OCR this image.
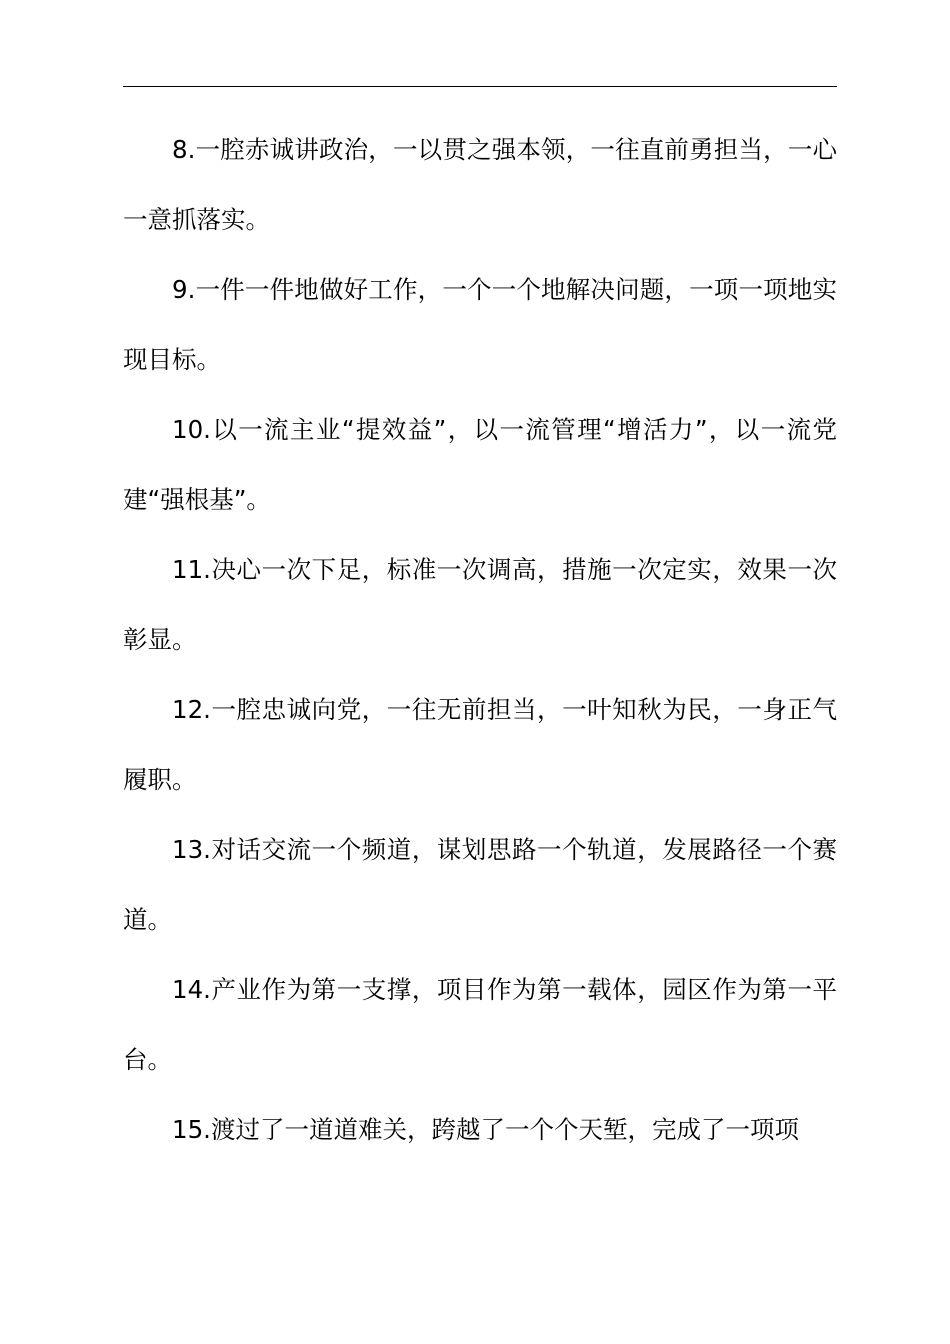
8.一腔赤诚讲政治，一以贯之强本领，一往直前勇担当，一心一意抓落实。

9.一件一件地做好工作，一个一个地解决问题，一项一项地实现目标。

10.以一流主业“提效益”，以一流管理“增活力”，以一流党建“强根基”。

11.决心一次下足，标准一次调高，措施一次定实，效果一次彰显。

12.一腔忠诚向党，一往无前担当，一叶知秋为民，一身正气履职。

13.对话交流一个频道，谋划思路一个轨道，发展路径一个赛道。

14.产业作为第一支撑，项目作为第一载体，园区作为第一平台。

15.渡过了一道道难关，跨越了一个个天堑，完成了一项项
